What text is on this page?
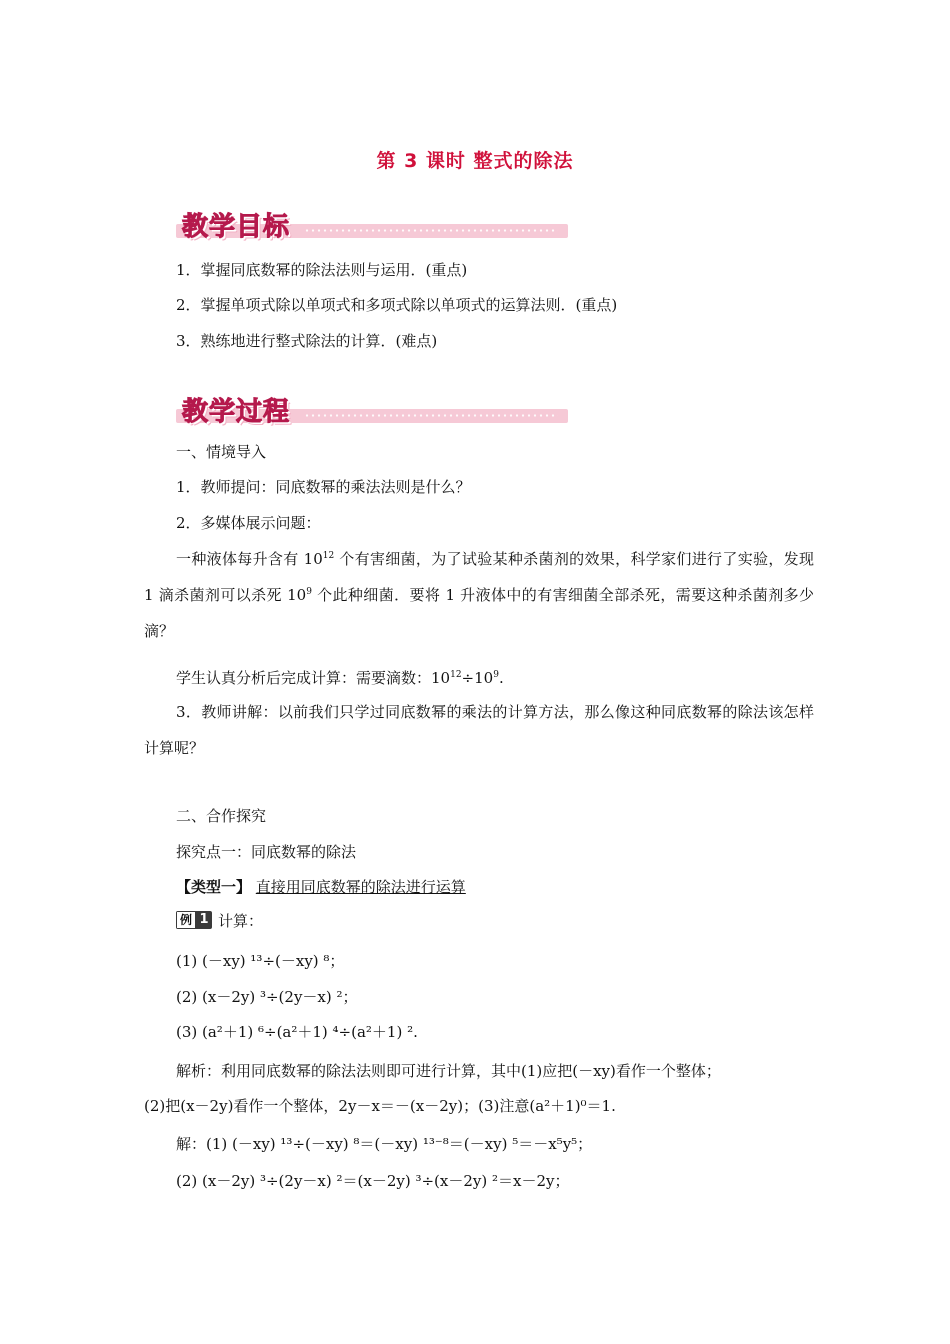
第 3 课时 整式的除法
教学目标
1．掌握同底数幂的除法法则与运用．(重点)
2．掌握单项式除以单项式和多项式除以单项式的运算法则．(重点)
3．熟练地进行整式除法的计算．(难点)
教学过程
一、情境导入
1．教师提问：同底数幂的乘法法则是什么？
2．多媒体展示问题：
一种液体每升含有 $10^{12}$ 个有害细菌，为了试验某种杀菌剂的效果，科学家们进行了实验，发现 1 滴杀菌剂可以杀死 $10^9$ 个此种细菌．要将 1 升液体中的有害细菌全部杀死，需要这种杀菌剂多少滴？
学生认真分析后完成计算：需要滴数：$10^{12}\div 10^9$.
3．教师讲解：以前我们只学过同底数幂的乘法的计算方法，那么像这种同底数幂的除法该怎样计算呢？
二、合作探究
探究点一：同底数幂的除法
【类型一】 直接用同底数幂的除法进行运算
例 1 计算：
(1) (－xy) ¹³÷(－xy) ⁸；
(2) (x－2y) ³÷(2y－x) ²；
(3) (a²＋1) ⁶÷(a²＋1) ⁴÷(a²＋1) ².
解析：利用同底数幂的除法法则即可进行计算，其中(1)应把(－xy)看作一个整体；
(2)把(x－2y)看作一个整体，2y－x＝－(x－2y)；(3)注意(a²＋1)⁰＝1.
解：(1) (－xy) ¹³÷(－xy) ⁸＝(－xy) ¹³⁻⁸＝(－xy) ⁵＝－x⁵y⁵；
(2) (x－2y) ³÷(2y－x) ²＝(x－2y) ³÷(x－2y) ²＝x－2y；
